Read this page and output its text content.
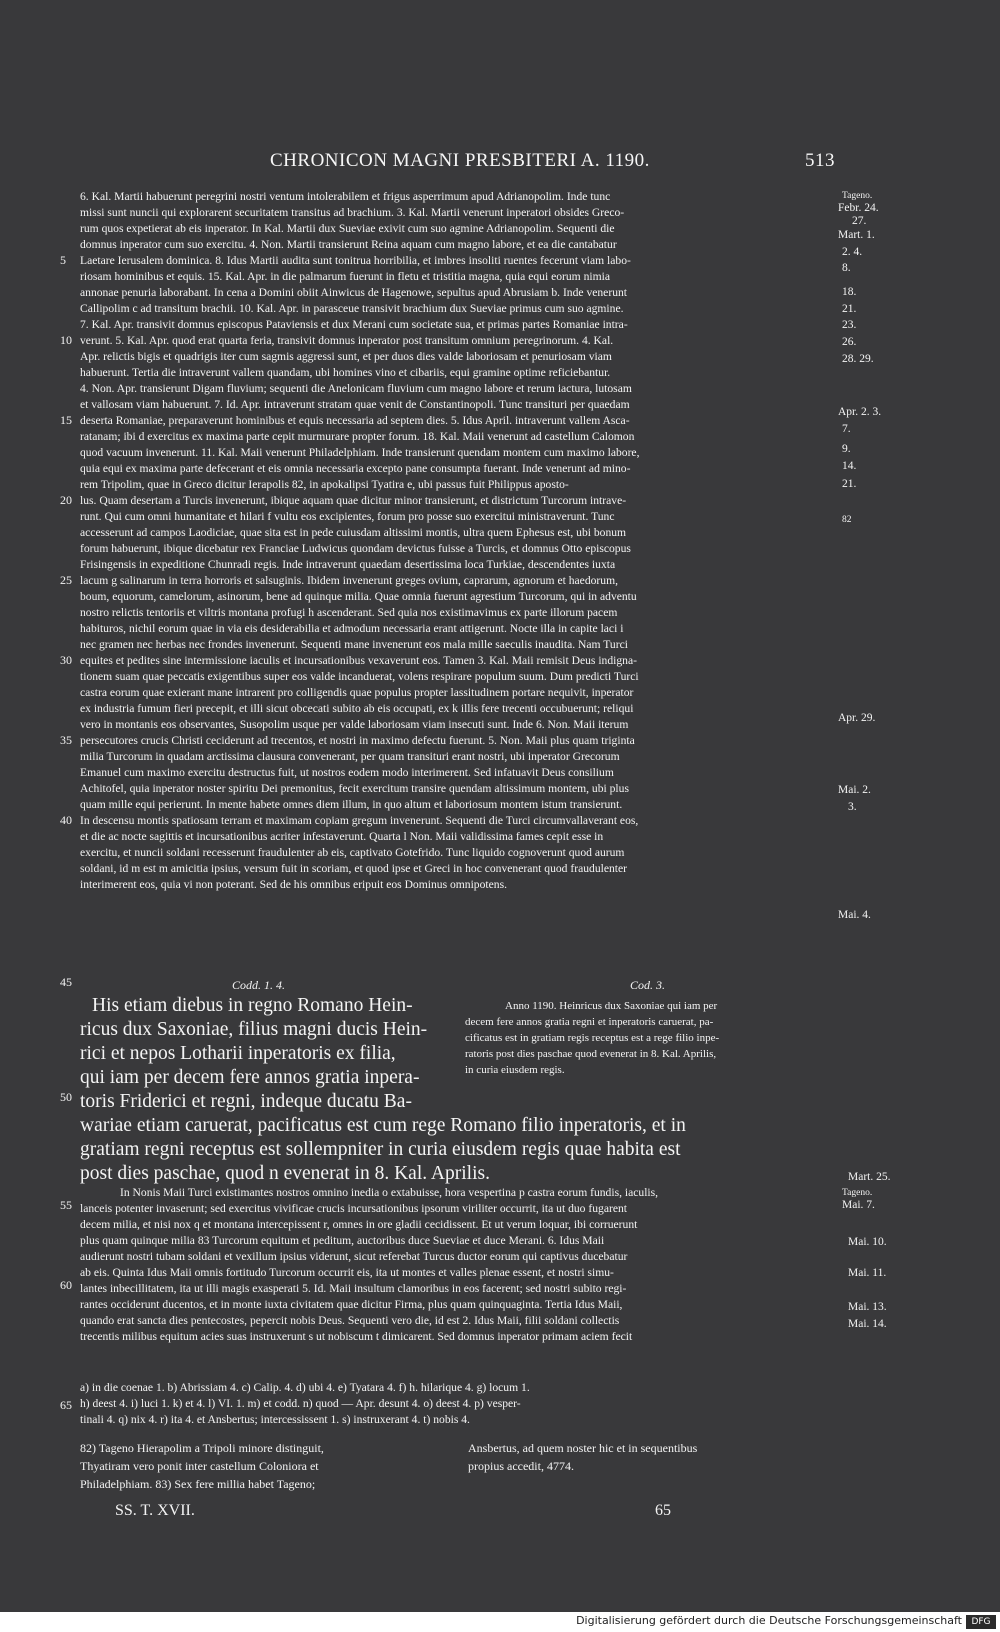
CHRONICON MAGNI PRESBITERI A. 1190.	513
6. Kal. Martii habuerunt peregrini nostri ventum intolerabilem et frigus asperrimum apud Adrianopolim. Inde tunc
missi sunt nuncii qui explorarent securitatem transitus ad brachium. 3. Kal. Martii venerunt inperatori obsides Greco-
rum quos expetierat ab eis inperator. In Kal. Martii dux Sueviae exivit cum suo agmine Adrianopolim. Sequenti die
domnus inperator cum suo exercitu. 4. Non. Martii transierunt Reina aquam cum magno labore, et ea die cantabatur
Laetare Ierusalem dominica. 8. Idus Martii audita sunt tonitrua horribilia, et imbres insoliti ruentes fecerunt viam labo-
riosam hominibus et equis. 15. Kal. Apr. in die palmarum fuerunt in fletu et tristitia magna, quia equi eorum nimia
annonae penuria laborabant. In cena a Domini obiit Ainwicus de Hagenowe, sepultus apud Abrusiam b. Inde venerunt
Callipolim c ad transitum brachii. 10. Kal. Apr. in parasceue transivit brachium dux Sueviae primus cum suo agmine.
7. Kal. Apr. transivit domnus episcopus Pataviensis et dux Merani cum societate sua, et primas partes Romaniae intra-
verunt. 5. Kal. Apr. quod erat quarta feria, transivit domnus inperator post transitum omnium peregrinorum. 4. Kal.
Apr. relictis bigis et quadrigis iter cum sagmis aggressi sunt, et per duos dies valde laboriosam et penuriosam viam
habuerunt. Tertia die intraverunt vallem quandam, ubi homines vino et cibariis, equi gramine optime reficiebantur.
4. Non. Apr. transierunt Digam fluvium; sequenti die Anelonicam fluvium cum magno labore et rerum iactura, lutosam
et vallosam viam habuerunt. 7. Id. Apr. intraverunt stratam quae venit de Constantinopoli. Tunc transituri per quaedam
deserta Romaniae, preparaverunt hominibus et equis necessaria ad septem dies. 5. Idus April. intraverunt vallem Asca-
ratanam; ibi d exercitus ex maxima parte cepit murmurare propter forum. 18. Kal. Maii venerunt ad castellum Calomon
quod vacuum invenerunt. 11. Kal. Maii venerunt Philadelphiam. Inde transierunt quendam montem cum maximo labore,
quia equi ex maxima parte defecerant et eis omnia necessaria excepto pane consumpta fuerant. Inde venerunt ad mino-
rem Tripolim, quae in Greco dicitur Ierapolis 82, in apokalipsi Tyatira e, ubi passus fuit Philippus aposto-
lus. Quam desertam a Turcis invenerunt, ibique aquam quae dicitur minor transierunt, et districtum Turcorum intrave-
runt. Qui cum omni humanitate et hilari f vultu eos excipientes, forum pro posse suo exercitui ministraverunt. Tunc
accesserunt ad campos Laodiciae, quae sita est in pede cuiusdam altissimi montis, ultra quem Ephesus est, ubi bonum
forum habuerunt, ibique dicebatur rex Franciae Ludwicus quondam devictus fuisse a Turcis, et domnus Otto episcopus
Frisingensis in expeditione Chunradi regis. Inde intraverunt quaedam desertissima loca Turkiae, descendentes iuxta
lacum g salinarum in terra horroris et salsuginis. Ibidem invenerunt greges ovium, caprarum, agnorum et haedorum,
boum, equorum, camelorum, asinorum, bene ad quinque milia. Quae omnia fuerunt agrestium Turcorum, qui in adventu
nostro relictis tentoriis et viltris montana profugi h ascenderant. Sed quia nos existimavimus ex parte illorum pacem
habituros, nichil eorum quae in via eis desiderabilia et admodum necessaria erant attigerunt. Nocte illa in capite laci i
nec gramen nec herbas nec frondes invenerunt. Sequenti mane invenerunt eos mala mille saeculis inaudita. Nam Turci
equites et pedites sine intermissione iaculis et incursationibus vexaverunt eos. Tamen 3. Kal. Maii remisit Deus indigna-
tionem suam quae peccatis exigentibus super eos valde incanduerat, volens respirare populum suum. Dum predicti Turci
castra eorum quae exierant mane intrarent pro colligendis quae populus propter lassitudinem portare nequivit, inperator
ex industria fumum fieri precepit, et illi sicut obcecati subito ab eis occupati, ex k illis fere trecenti occubuerunt; reliqui
vero in montanis eos observantes, Susopolim usque per valde laboriosam viam insecuti sunt. Inde 6. Non. Maii iterum
persecutores crucis Christi ceciderunt ad trecentos, et nostri in maximo defectu fuerunt. 5. Non. Maii plus quam triginta
milia Turcorum in quadam arctissima clausura convenerant, per quam transituri erant nostri, ubi inperator Grecorum
Emanuel cum maximo exercitu destructus fuit, ut nostros eodem modo interimerent. Sed infatuavit Deus consilium
Achitofel, quia inperator noster spiritu Dei premonitus, fecit exercitum transire quendam altissimum montem, ubi plus
quam mille equi perierunt. In mente habete omnes diem illum, in quo altum et laboriosum montem istum transierunt.
In descensu montis spatiosam terram et maximam copiam gregum invenerunt. Sequenti die Turci circumvallaverant eos,
et die ac nocte sagittis et incursationibus acriter infestaverunt. Quarta l Non. Maii validissima fames cepit esse in
exercitu, et nuncii soldani recesserunt fraudulenter ab eis, captivato Gotefrido. Tunc liquido cognoverunt quod aurum
soldani, id m est m amicitia ipsius, versum fuit in scoriam, et quod ipse et Greci in hoc convenerant quod fraudulenter
interimerent eos, quia vi non poterant. Sed de his omnibus eripuit eos Dominus omnipotens.
5
10
15
20
25
30
35
40
45
50
55
60
65
Tageno.
Febr. 24.
27.
Mart. 1.
2. 4.
8.
18.
21.
23.
26.
28. 29.
Apr. 2. 3.
7.
9.
14.
21.
82
Apr. 29.
Mai. 2.
3.
Mai. 4.
Mart. 25.
Tageno.
Mai. 7.
Mai. 10.
Mai. 11.
Mai. 13.
Mai. 14.
Codd. 1. 4.	Cod. 3.
His etiam diebus in regno Romano Hein-
ricus dux Saxoniae, filius magni ducis Hein-
rici et nepos Lotharii inperatoris ex filia,
qui iam per decem fere annos gratia inpera-
toris Friderici et regni, indeque ducatu Ba-
wariae etiam caruerat, pacificatus est cum rege Romano filio inperatoris, et in
gratiam regni receptus est sollempniter in curia eiusdem regis quae habita est
post dies paschae, quod n evenerat in 8. Kal. Aprilis.
Anno 1190. Heinricus dux Saxoniae qui iam per
decem fere annos gratia regni et inperatoris caruerat, pa-
cificatus est in gratiam regis receptus est a rege filio inpe-
ratoris post dies paschae quod evenerat in 8. Kal. Aprilis,
in curia eiusdem regis.
In Nonis Maii Turci existimantes nostros omnino inedia o extabuisse, hora vespertina p castra eorum fundis, iaculis,
lanceis potenter invaserunt; sed exercitus vivificae crucis incursationibus ipsorum viriliter occurrit, ita ut duo fugarent
decem milia, et nisi nox q et montana intercepissent r, omnes in ore gladii cecidissent. Et ut verum loquar, ibi corruerunt
plus quam quinque milia 83 Turcorum equitum et peditum, auctoribus duce Sueviae et duce Merani. 6. Idus Maii
audierunt nostri tubam soldani et vexillum ipsius viderunt, sicut referebat Turcus ductor eorum qui captivus ducebatur
ab eis. Quinta Idus Maii omnis fortitudo Turcorum occurrit eis, ita ut montes et valles plenae essent, et nostri simu-
lantes inbecillitatem, ita ut illi magis exasperati 5. Id. Maii insultum clamoribus in eos facerent; sed nostri subito regi-
rantes occiderunt ducentos, et in monte iuxta civitatem quae dicitur Firma, plus quam quinquaginta. Tertia Idus Maii,
quando erat sancta dies pentecostes, pepercit nobis Deus. Sequenti vero die, id est 2. Idus Maii, filii soldani collectis
trecentis milibus equitum acies suas instruxerunt s ut nobiscum t dimicarent. Sed domnus inperator primam aciem fecit
a) in die coenae 1. b) Abrissiam 4. c) Calip. 4. d) ubi 4. e) Tyatara 4. f) h. hilarique 4. g) locum 1.
h) deest 4. i) luci 1. k) et 4. l) VI. 1. m) et codd. n) quod — Apr. desunt 4. o) deest 4. p) vesper-
tinali 4. q) nix 4. r) ita 4. et Ansbertus; intercessissent 1. s) instruxerant 4. t) nobis 4.
82) Tageno Hierapolim a Tripoli minore distinguit,
Thyatiram vero ponit inter castellum Coloniora et
Philadelphiam. 83) Sex fere millia habet Tageno;
Ansbertus, ad quem noster hic et in sequentibus
propius accedit, 4774.
SS. T. XVII.	65
Digitalisierung gefördert durch die Deutsche Forschungsgemeinschaft	DFG
